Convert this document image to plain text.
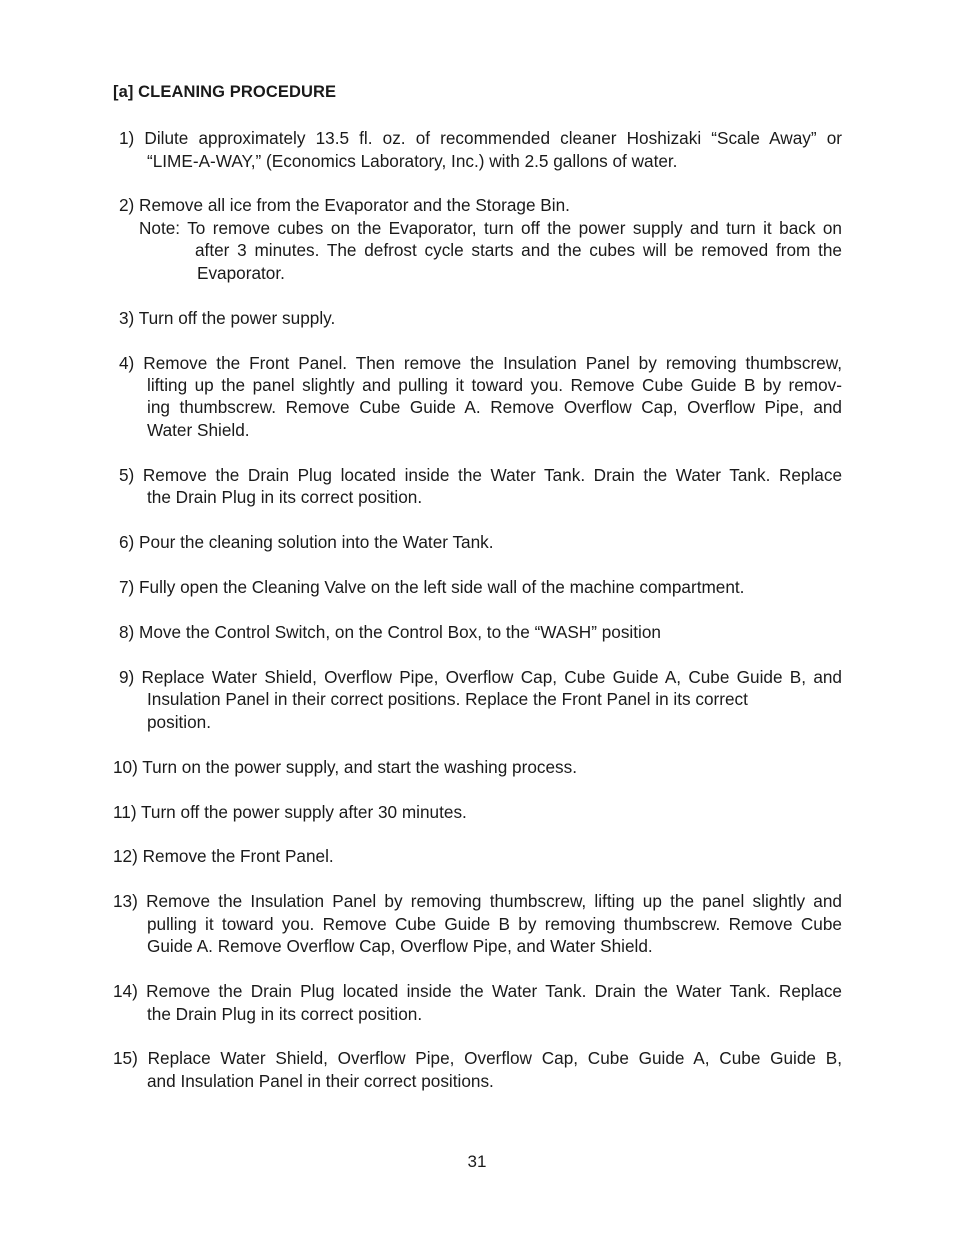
[a] CLEANING PROCEDURE
1) Dilute approximately 13.5 fl. oz. of recommended cleaner Hoshizaki “Scale Away” or
“LIME-A-WAY,” (Economics Laboratory, Inc.) with 2.5 gallons of water.
2) Remove all ice from the Evaporator and the Storage Bin.
Note: To remove cubes on the Evaporator, turn off the power supply and turn it back on
after 3 minutes. The defrost cycle starts and the cubes will be removed from the
Evaporator.
3) Turn off the power supply.
4) Remove the Front Panel. Then remove the Insulation Panel by removing thumbscrew,
lifting up the panel slightly and pulling it toward you. Remove Cube Guide B by remov-
ing thumbscrew. Remove Cube Guide A. Remove Overflow Cap, Overflow Pipe, and
Water Shield.
5) Remove the Drain Plug located inside the Water Tank. Drain the Water Tank. Replace
the Drain Plug in its correct position.
6) Pour the cleaning solution into the Water Tank.
7) Fully open the Cleaning Valve on the left side wall of the machine compartment.
8) Move the Control Switch, on the Control Box, to the “WASH” position
9) Replace Water Shield, Overflow Pipe, Overflow Cap, Cube Guide A, Cube Guide B, and
Insulation Panel in their correct positions. Replace the Front Panel in its correct
position.
10) Turn on the power supply, and start the washing process.
11) Turn off the power supply after 30 minutes.
12) Remove the Front Panel.
13) Remove the Insulation Panel by removing thumbscrew, lifting up the panel slightly and
pulling it toward you. Remove Cube Guide B by removing thumbscrew. Remove Cube
Guide A. Remove Overflow Cap, Overflow Pipe, and Water Shield.
14) Remove the Drain Plug located inside the Water Tank. Drain the Water Tank. Replace
the Drain Plug in its correct position.
15) Replace Water Shield, Overflow Pipe, Overflow Cap, Cube Guide A, Cube Guide B,
and Insulation Panel in their correct positions.
31
